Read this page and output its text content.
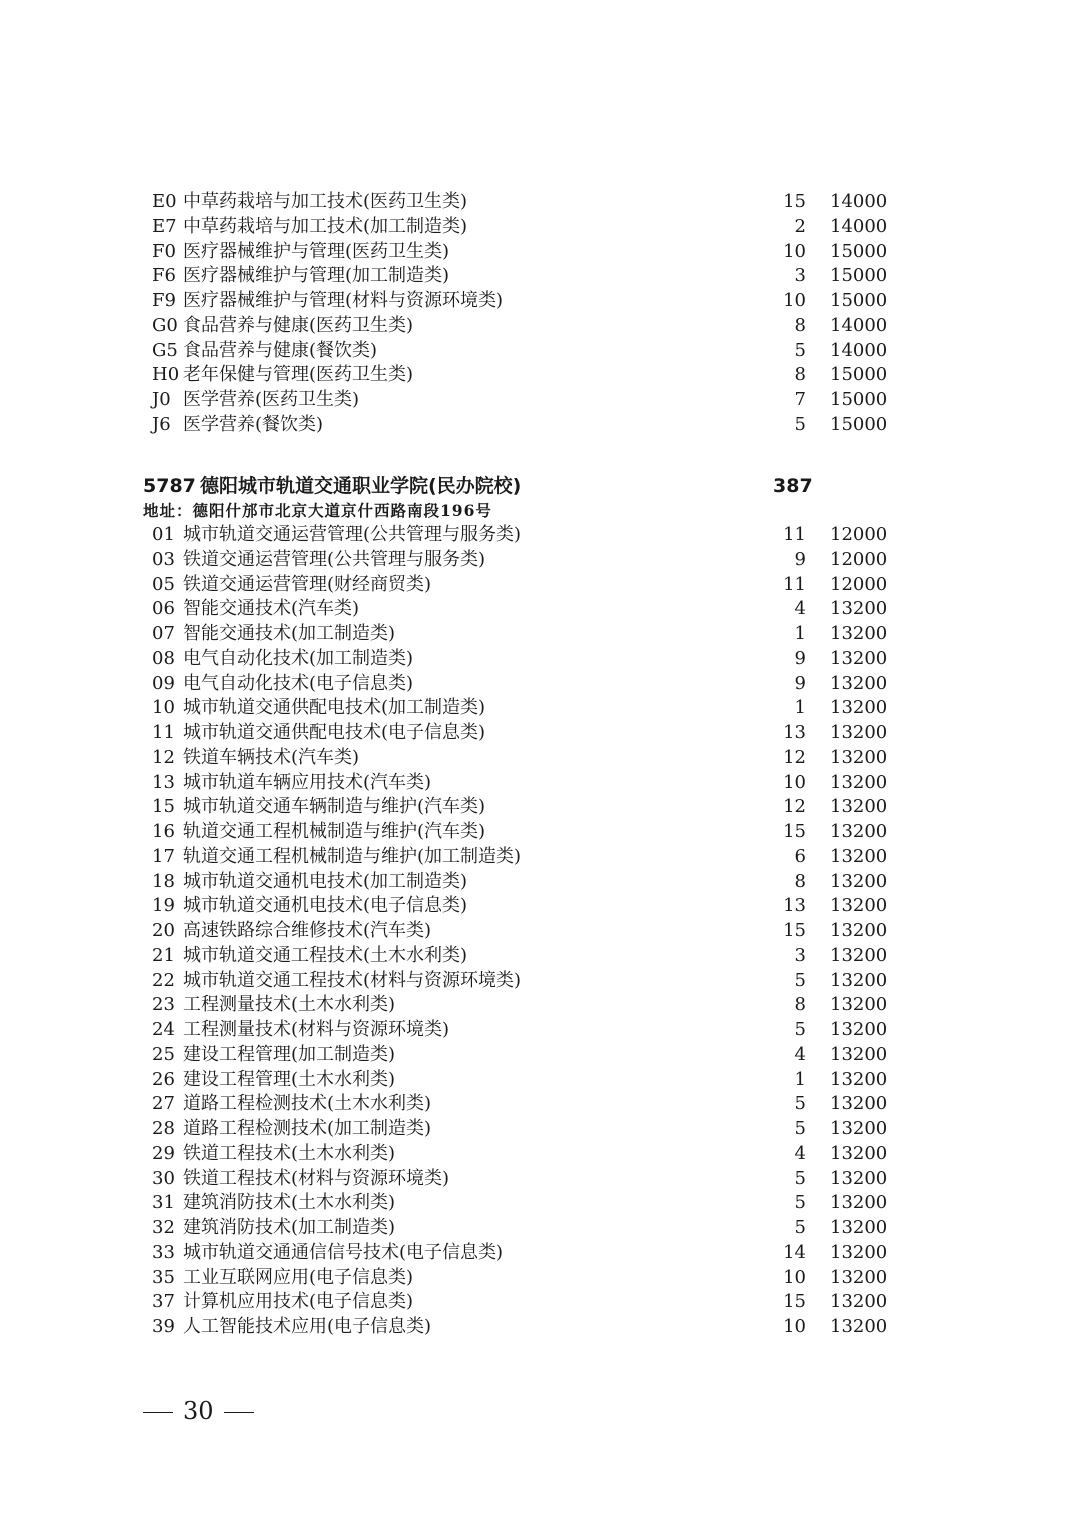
E0 中草药栽培与加工技术(医药卫生类)	15 14000
E7 中草药栽培与加工技术(加工制造类)	2 14000
F0 医疗器械维护与管理(医药卫生类)	10 15000
F6 医疗器械维护与管理(加工制造类)	3 15000
F9 医疗器械维护与管理(材料与资源环境类)	10 15000
G0 食品营养与健康(医药卫生类)	8 14000
G5 食品营养与健康(餐饮类)	5 14000
H0 老年保健与管理(医药卫生类)	8 15000
J0 医学营养(医药卫生类)	7 15000
J6 医学营养(餐饮类)	5 15000
5787 德阳城市轨道交通职业学院(民办院校)	387
地址：德阳什邡市北京大道京什西路南段196号
01 城市轨道交通运营管理(公共管理与服务类)	11 12000
03 铁道交通运营管理(公共管理与服务类)	9 12000
05 铁道交通运营管理(财经商贸类)	11 12000
06 智能交通技术(汽车类)	4 13200
07 智能交通技术(加工制造类)	1 13200
08 电气自动化技术(加工制造类)	9 13200
09 电气自动化技术(电子信息类)	9 13200
10 城市轨道交通供配电技术(加工制造类)	1 13200
11 城市轨道交通供配电技术(电子信息类)	13 13200
12 铁道车辆技术(汽车类)	12 13200
13 城市轨道车辆应用技术(汽车类)	10 13200
15 城市轨道交通车辆制造与维护(汽车类)	12 13200
16 轨道交通工程机械制造与维护(汽车类)	15 13200
17 轨道交通工程机械制造与维护(加工制造类)	6 13200
18 城市轨道交通机电技术(加工制造类)	8 13200
19 城市轨道交通机电技术(电子信息类)	13 13200
20 高速铁路综合维修技术(汽车类)	15 13200
21 城市轨道交通工程技术(土木水利类)	3 13200
22 城市轨道交通工程技术(材料与资源环境类)	5 13200
23 工程测量技术(土木水利类)	8 13200
24 工程测量技术(材料与资源环境类)	5 13200
25 建设工程管理(加工制造类)	4 13200
26 建设工程管理(土木水利类)	1 13200
27 道路工程检测技术(土木水利类)	5 13200
28 道路工程检测技术(加工制造类)	5 13200
29 铁道工程技术(土木水利类)	4 13200
30 铁道工程技术(材料与资源环境类)	5 13200
31 建筑消防技术(土木水利类)	5 13200
32 建筑消防技术(加工制造类)	5 13200
33 城市轨道交通通信信号技术(电子信息类)	14 13200
35 工业互联网应用(电子信息类)	10 13200
37 计算机应用技术(电子信息类)	15 13200
39 人工智能技术应用(电子信息类)	10 13200
30
